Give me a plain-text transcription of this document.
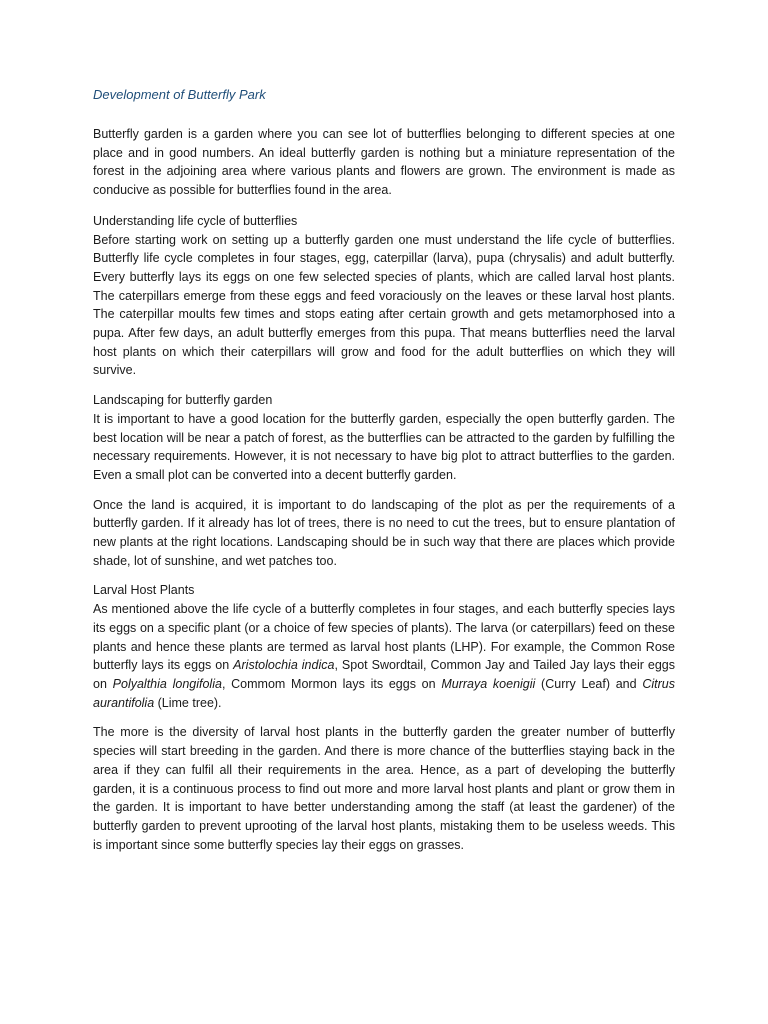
Development of Butterfly Park

Butterfly garden is a garden where you can see lot of butterflies belonging to different species at one place and in good numbers. An ideal butterfly garden is nothing but a miniature representation of the forest in the adjoining area where various plants and flowers are grown. The environment is made as conducive as possible for butterflies found in the area.

Understanding life cycle of butterflies
Before starting work on setting up a butterfly garden one must understand the life cycle of butterflies. Butterfly life cycle completes in four stages, egg, caterpillar (larva), pupa (chrysalis) and adult butterfly. Every butterfly lays its eggs on one few selected species of plants, which are called larval host plants. The caterpillars emerge from these eggs and feed voraciously on the leaves or these larval host plants. The caterpillar moults few times and stops eating after certain growth and gets metamorphosed into a pupa. After few days, an adult butterfly emerges from this pupa. That means butterflies need the larval host plants on which their caterpillars will grow and food for the adult butterflies on which they will survive.
Landscaping for butterfly garden
It is important to have a good location for the butterfly garden, especially the open butterfly garden. The best location will be near a patch of forest, as the butterflies can be attracted to the garden by fulfilling the necessary requirements. However, it is not necessary to have big plot to attract butterflies to the garden. Even a small plot can be converted into a decent butterfly garden.

Once the land is acquired, it is important to do landscaping of the plot as per the requirements of a butterfly garden. If it already has lot of trees, there is no need to cut the trees, but to ensure plantation of new plants at the right locations. Landscaping should be in such way that there are places which provide shade, lot of sunshine, and wet patches too.

Larval Host Plants
As mentioned above the life cycle of a butterfly completes in four stages, and each butterfly species lays its eggs on a specific plant (or a choice of few species of plants). The larva (or caterpillars) feed on these plants and hence these plants are termed as larval host plants (LHP). For example, the Common Rose butterfly lays its eggs on Aristolochia indica, Spot Swordtail, Common Jay and Tailed Jay lays their eggs on Polyalthia longifolia, Commom Mormon lays its eggs on Murraya koenigii (Curry Leaf) and Citrus aurantifolia (Lime tree).

The more is the diversity of larval host plants in the butterfly garden the greater number of butterfly species will start breeding in the garden. And there is more chance of the butterflies staying back in the area if they can fulfil all their requirements in the area. Hence, as a part of developing the butterfly garden, it is a continuous process to find out more and more larval host plants and plant or grow them in the garden. It is important to have better understanding among the staff (at least the gardener) of the butterfly garden to prevent uprooting of the larval host plants, mistaking them to be useless weeds. This is important since some butterfly species lay their eggs on grasses.
